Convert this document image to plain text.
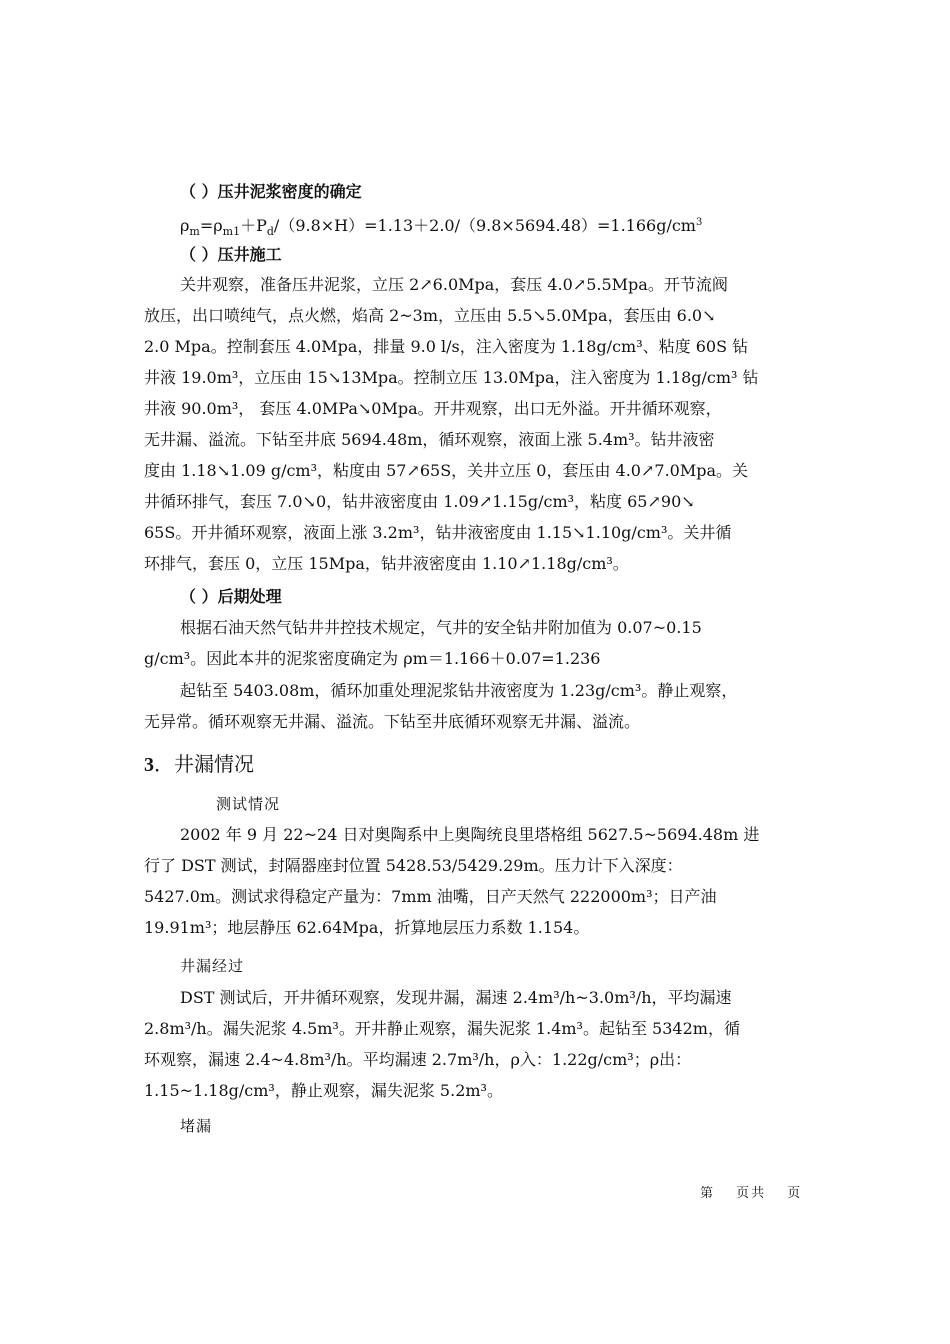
（ ）压井泥浆密度的确定
$\rho_m=\rho_{m1}+P_d/(9.8\times H)=1.13+2.0/(9.8\times 5694.48)=1.166g/cm^3$
（ ）压井施工
关井观察，准备压井泥浆，立压 2↗6.0Mpa，套压 4.0↗5.5Mpa。开节流阀
放压，出口喷纯气，点火燃，焰高 2~3m，立压由 5.5↘5.0Mpa，套压由 6.0↘
2.0 Mpa。控制套压 4.0Mpa，排量 9.0 l/s，注入密度为 1.18g/cm³、粘度 60S 钻
井液 19.0m³，立压由 15↘13Mpa。控制立压 13.0Mpa，注入密度为 1.18g/cm³ 钻
井液 90.0m³， 套压 4.0MPa↘0Mpa。开井观察，出口无外溢。开井循环观察，
无井漏、溢流。下钻至井底 5694.48m，循环观察，液面上涨 5.4m³。钻井液密
度由 1.18↘1.09 g/cm³，粘度由 57↗65S，关井立压 0，套压由 4.0↗7.0Mpa。关
井循环排气，套压 7.0↘0，钻井液密度由 1.09↗1.15g/cm³，粘度 65↗90↘
65S。开井循环观察，液面上涨 3.2m³，钻井液密度由 1.15↘1.10g/cm³。关井循
环排气，套压 0，立压 15Mpa，钻井液密度由 1.10↗1.18g/cm³。
（ ）后期处理
根据石油天然气钻井井控技术规定，气井的安全钻井附加值为 0.07~0.15
g/cm³。因此本井的泥浆密度确定为 ρm＝1.166＋0.07=1.236
起钻至 5403.08m，循环加重处理泥浆钻井液密度为 1.23g/cm³。静止观察，
无异常。循环观察无井漏、溢流。下钻至井底循环观察无井漏、溢流。
3．井漏情况
测试情况
2002 年 9 月 22~24 日对奥陶系中上奥陶统良里塔格组 5627.5~5694.48m 进
行了 DST 测试，封隔器座封位置 5428.53/5429.29m。压力计下入深度：
5427.0m。测试求得稳定产量为：7mm 油嘴，日产天然气 222000m³；日产油
19.91m³；地层静压 62.64Mpa，折算地层压力系数 1.154。
井漏经过
DST 测试后，开井循环观察，发现井漏，漏速 2.4m³/h~3.0m³/h，平均漏速
2.8m³/h。漏失泥浆 4.5m³。开井静止观察，漏失泥浆 1.4m³。起钻至 5342m，循
环观察，漏速 2.4~4.8m³/h。平均漏速 2.7m³/h，ρ入：1.22g/cm³；ρ出：
1.15~1.18g/cm³，静止观察，漏失泥浆 5.2m³。
堵漏
第　 页共　 页
